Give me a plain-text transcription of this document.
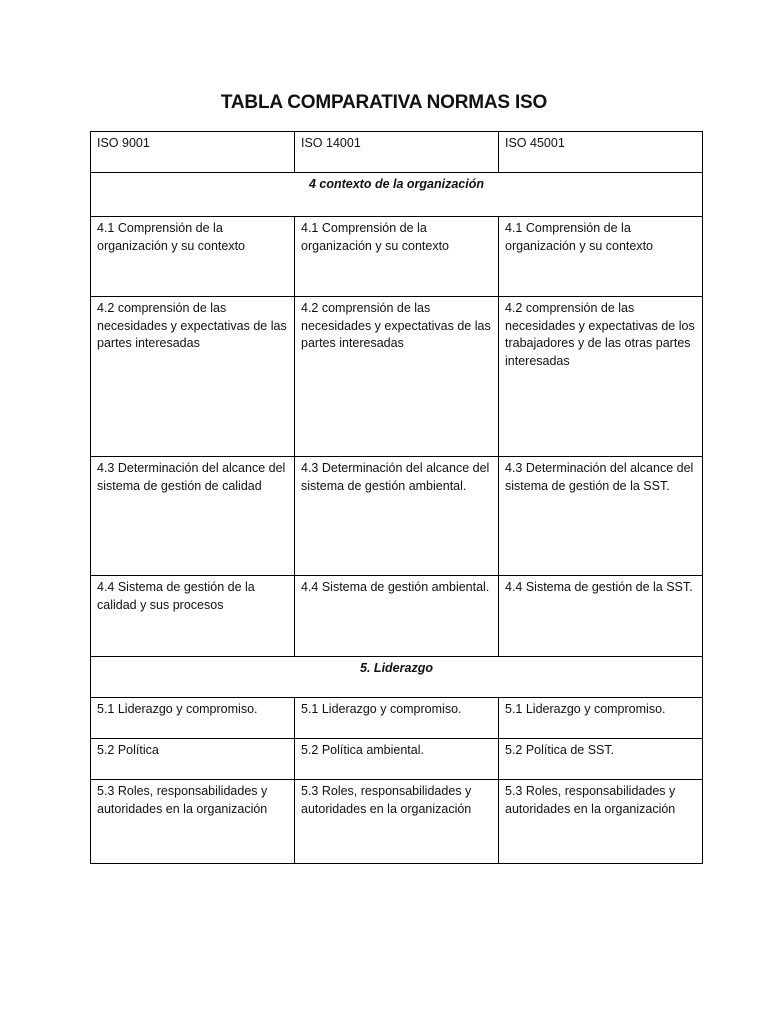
TABLA COMPARATIVA NORMAS ISO
ISO 9001	ISO 14001	ISO 45001
4 contexto de la organización		
4.1 Comprensión de la organización y su contexto	4.1 Comprensión de la organización y su contexto	4.1 Comprensión de la organización y su contexto
4.2 comprensión de las necesidades y expectativas de las partes interesadas	4.2 comprensión de las necesidades y expectativas de las partes interesadas	4.2 comprensión de las necesidades y expectativas de los trabajadores y de las otras partes interesadas
4.3 Determinación del alcance del sistema de gestión de calidad	4.3 Determinación del alcance del sistema de gestión ambiental.	4.3 Determinación del alcance del sistema de gestión de la SST.
4.4 Sistema de gestión de la calidad y sus procesos	4.4 Sistema de gestión ambiental.	4.4 Sistema de gestión de la SST.
5. Liderazgo		
5.1 Liderazgo y compromiso.	5.1 Liderazgo y compromiso.	5.1 Liderazgo y compromiso.
5.2 Política	5.2 Política ambiental.	5.2 Política de SST.
5.3 Roles, responsabilidades y autoridades en la organización	5.3 Roles, responsabilidades y autoridades en la organización	5.3 Roles, responsabilidades y autoridades en la organización
